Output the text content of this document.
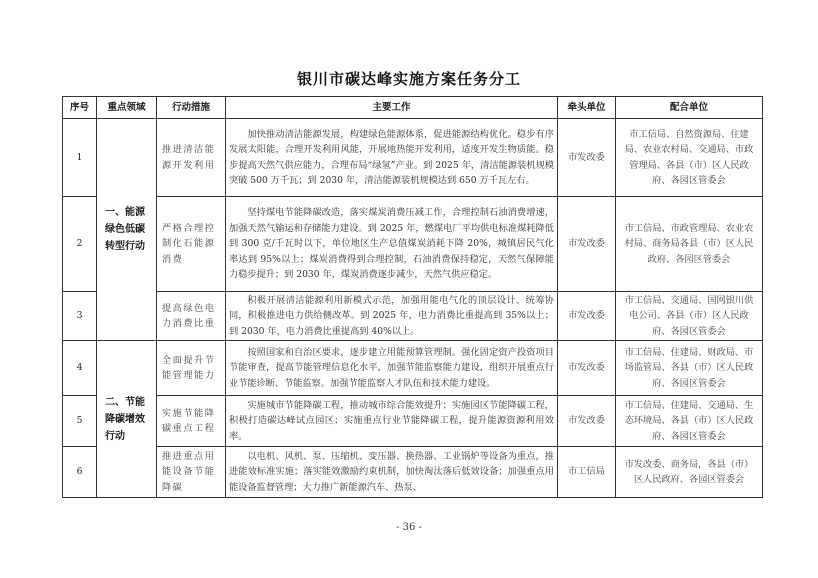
银川市碳达峰实施方案任务分工
序号	重点领域	行动措施	主要工作	牵头单位	配合单位
1	一、能源绿色低碳转型行动	推进清洁能源开发利用	加快推动清洁能源发展，构建绿色能源体系，促进能源结构优化。稳步有序发展太阳能，合理开发利用风能，开展地热能开发利用，适度开发生物质能。稳步提高天然气供应能力，合理布局“绿氢”产业。到 2025 年，清洁能源装机规模突破 500 万千瓦；到 2030 年，清洁能源装机规模达到 650 万千瓦左右。	市发改委	市工信局、自然资源局、住建局、农业农村局、交通局、市政管理局、各县（市）区人民政府、各园区管委会
2		严格合理控制化石能源消费	坚持煤电节能降碳改造，落实煤炭消费压减工作，合理控制石油消费增速，加强天然气输运和存储能力建设。到 2025 年，燃煤电厂平均供电标准煤耗降低到 300 克/千瓦时以下，单位地区生产总值煤炭消耗下降 20%，城镇居民气化率达到 95%以上；煤炭消费得到合理控制，石油消费保持稳定，天然气保障能力稳步提升；到 2030 年，煤炭消费逐步减少，天然气供应稳定。	市发改委	市工信局、市政管理局、农业农村局、商务局各县（市）区人民政府、各园区管委会
3		提高绿色电力消费比重	积极开展清洁能源利用新模式示范，加强用能电气化的顶层设计、统筹协同，积极推进电力供给侧改革。到 2025 年，电力消费比重提高到 35%以上；到 2030 年，电力消费比重提高到 40%以上。	市发改委	市工信局、交通局、国网银川供电公司、各县（市）区人民政府、各园区管委会
4	二、节能降碳增效行动	全面提升节能管理能力	按照国家和自治区要求，逐步建立用能预算管理制。强化固定资产投资项目节能审查，提高节能管理信息化水平，加强节能监察能力建设，组织开展重点行业节能诊断、节能监察。加强节能监察人才队伍和技术能力建设。	市发改委	市工信局、住建局、财政局、市场监管局、各县（市）区人民政府、各园区管委会
5		实施节能降碳重点工程	实施城市节能降碳工程，推动城市综合能效提升；实施园区节能降碳工程，积极打造碳达峰试点园区；实施重点行业节能降碳工程，提升能源资源利用效率。	市发改委	市工信局、住建局、交通局、生态环境局、各县（市）区人民政府、各园区管委会
6		推进重点用能设备节能降碳	以电机、风机、泵、压缩机、变压器、换热器、工业锅炉等设备为重点，推进能效标准实施；落实能效激励约束机制，加快淘汰落后低效设备；加强重点用能设备监督管理；大力推广新能源汽车、热泵、	市工信局	市发改委、商务局，各县（市）区人民政府、各园区管委会
- 36 -
